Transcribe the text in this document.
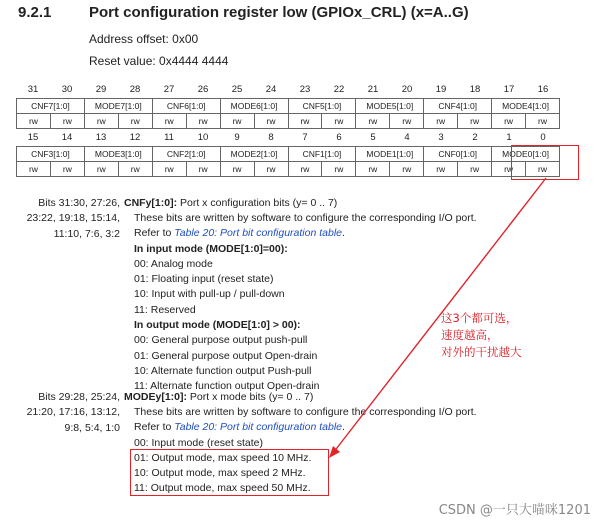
9.2.1	Port configuration register low (GPIOx_CRL) (x=A..G)
Address offset: 0x00
Reset value: 0x4444 4444
31	30	29	28	27	26	25	24	23	22	21	20	19	18	17	16
CNF7[1:0]		MODE7[1:0]		CNF6[1:0]		MODE6[1:0]		CNF5[1:0]		MODE5[1:0]		CNF4[1:0]		MODE4[1:0]	
rw	rw	rw	rw	rw	rw	rw	rw	rw	rw	rw	rw	rw	rw	rw	rw
15	14	13	12	11	10	9	8	7	6	5	4	3	2	1	0
CNF3[1:0]		MODE3[1:0]		CNF2[1:0]		MODE2[1:0]		CNF1[1:0]		MODE1[1:0]		CNF0[1:0]		MODE0[1:0]	
rw	rw	rw	rw	rw	rw	rw	rw	rw	rw	rw	rw	rw	rw	rw	rw
Bits 31:30, 27:26,
23:22, 19:18, 15:14,
11:10, 7:6, 3:2
CNFy[1:0]: Port x configuration bits (y= 0 .. 7)
These bits are written by software to configure the corresponding I/O port.
Refer to Table 20: Port bit configuration table.
In input mode (MODE[1:0]=00):
00: Analog mode
01: Floating input (reset state)
10: Input with pull-up / pull-down
11: Reserved
In output mode (MODE[1:0] > 00):
00: General purpose output push-pull
01: General purpose output Open-drain
10: Alternate function output Push-pull
11: Alternate function output Open-drain
Bits 29:28, 25:24,
21:20, 17:16, 13:12,
9:8, 5:4, 1:0
MODEy[1:0]: Port x mode bits (y= 0 .. 7)
These bits are written by software to configure the corresponding I/O port.
Refer to Table 20: Port bit configuration table.
00: Input mode (reset state)
01: Output mode, max speed 10 MHz.
10: Output mode, max speed 2 MHz.
11: Output mode, max speed 50 MHz.
这3个都可选，
速度越高，
对外的干扰越大
CSDN @一只大喵咪1201
